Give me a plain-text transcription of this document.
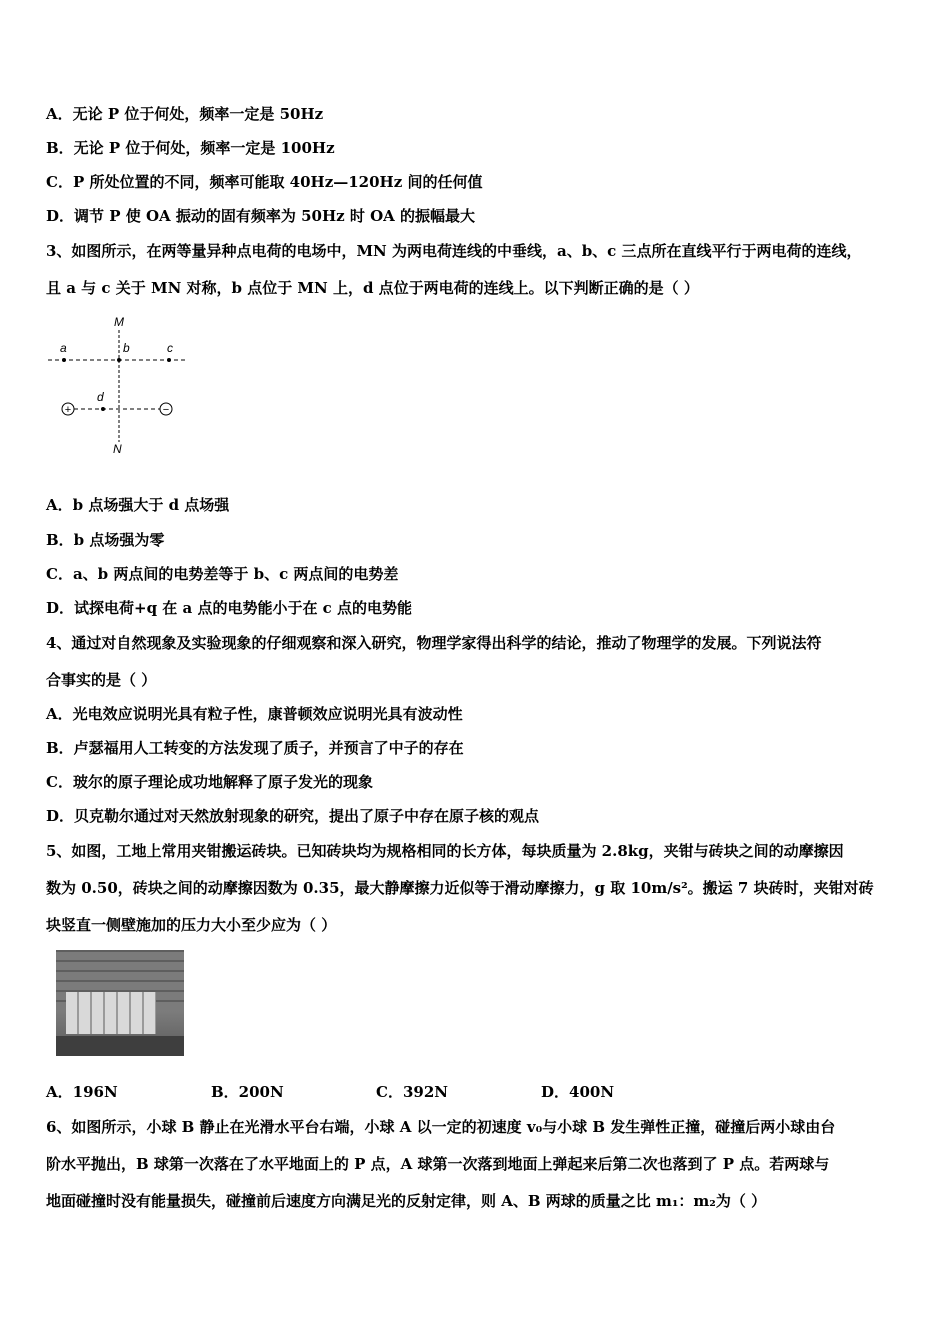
A．无论 P 位于何处，频率一定是 50Hz
B．无论 P 位于何处，频率一定是 100Hz
C．P 所处位置的不同，频率可能取 40Hz—120Hz 间的任何值
D．调节 P 使 OA 振动的固有频率为 50Hz 时 OA 的振幅最大
3、如图所示，在两等量异种点电荷的电场中，MN 为两电荷连线的中垂线，a、b、c 三点所在直线平行于两电荷的连线，
且 a 与 c 关于 MN 对称，b 点位于 MN 上，d 点位于两电荷的连线上。以下判断正确的是（ ）
+	−
M
N
a	b	c
d
A．b 点场强大于 d 点场强
B．b 点场强为零
C．a、b 两点间的电势差等于 b、c 两点间的电势差
D．试探电荷+q 在 a 点的电势能小于在 c 点的电势能
4、通过对自然现象及实验现象的仔细观察和深入研究，物理学家得出科学的结论，推动了物理学的发展。下列说法符
合事实的是（ ）
A．光电效应说明光具有粒子性，康普顿效应说明光具有波动性
B．卢瑟福用人工转变的方法发现了质子，并预言了中子的存在
C．玻尔的原子理论成功地解释了原子发光的现象
D．贝克勒尔通过对天然放射现象的研究，提出了原子中存在原子核的观点
5、如图，工地上常用夹钳搬运砖块。已知砖块均为规格相同的长方体，每块质量为 2.8kg，夹钳与砖块之间的动摩擦因
数为 0.50，砖块之间的动摩擦因数为 0.35，最大静摩擦力近似等于滑动摩擦力，g 取 10m/s²。搬运 7 块砖时，夹钳对砖
块竖直一侧壁施加的压力大小至少应为（ ）
A．196N	B．200N	C．392N	D．400N
6、如图所示，小球 B 静止在光滑水平台右端，小球 A 以一定的初速度 v₀与小球 B 发生弹性正撞，碰撞后两小球由台
阶水平抛出，B 球第一次落在了水平地面上的 P 点，A 球第一次落到地面上弹起来后第二次也落到了 P 点。若两球与
地面碰撞时没有能量损失，碰撞前后速度方向满足光的反射定律，则 A、B 两球的质量之比 m₁：m₂为（ ）
